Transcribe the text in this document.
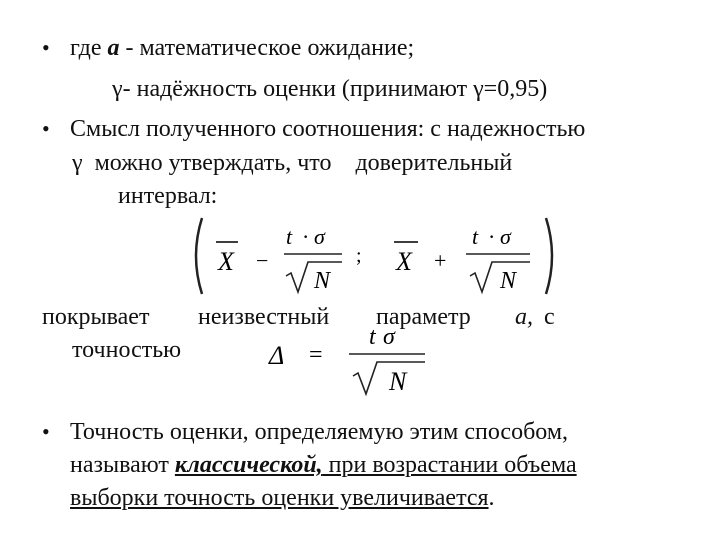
• где a - математическое ожидание;
γ- надёжность оценки (принимают γ=0,95)
• Смысл полученного соотношения: с надежностью
γ можно утверждать, что доверительный
интервал:
X −
t · σ
N
; X +
t · σ
N
покрывает неизвестный параметр a, с
точностью	Δ =
t σ
N
• Точность оценки, определяемую этим способом,
называют классической, при возрастании объема
выборки точность оценки увеличивается.
